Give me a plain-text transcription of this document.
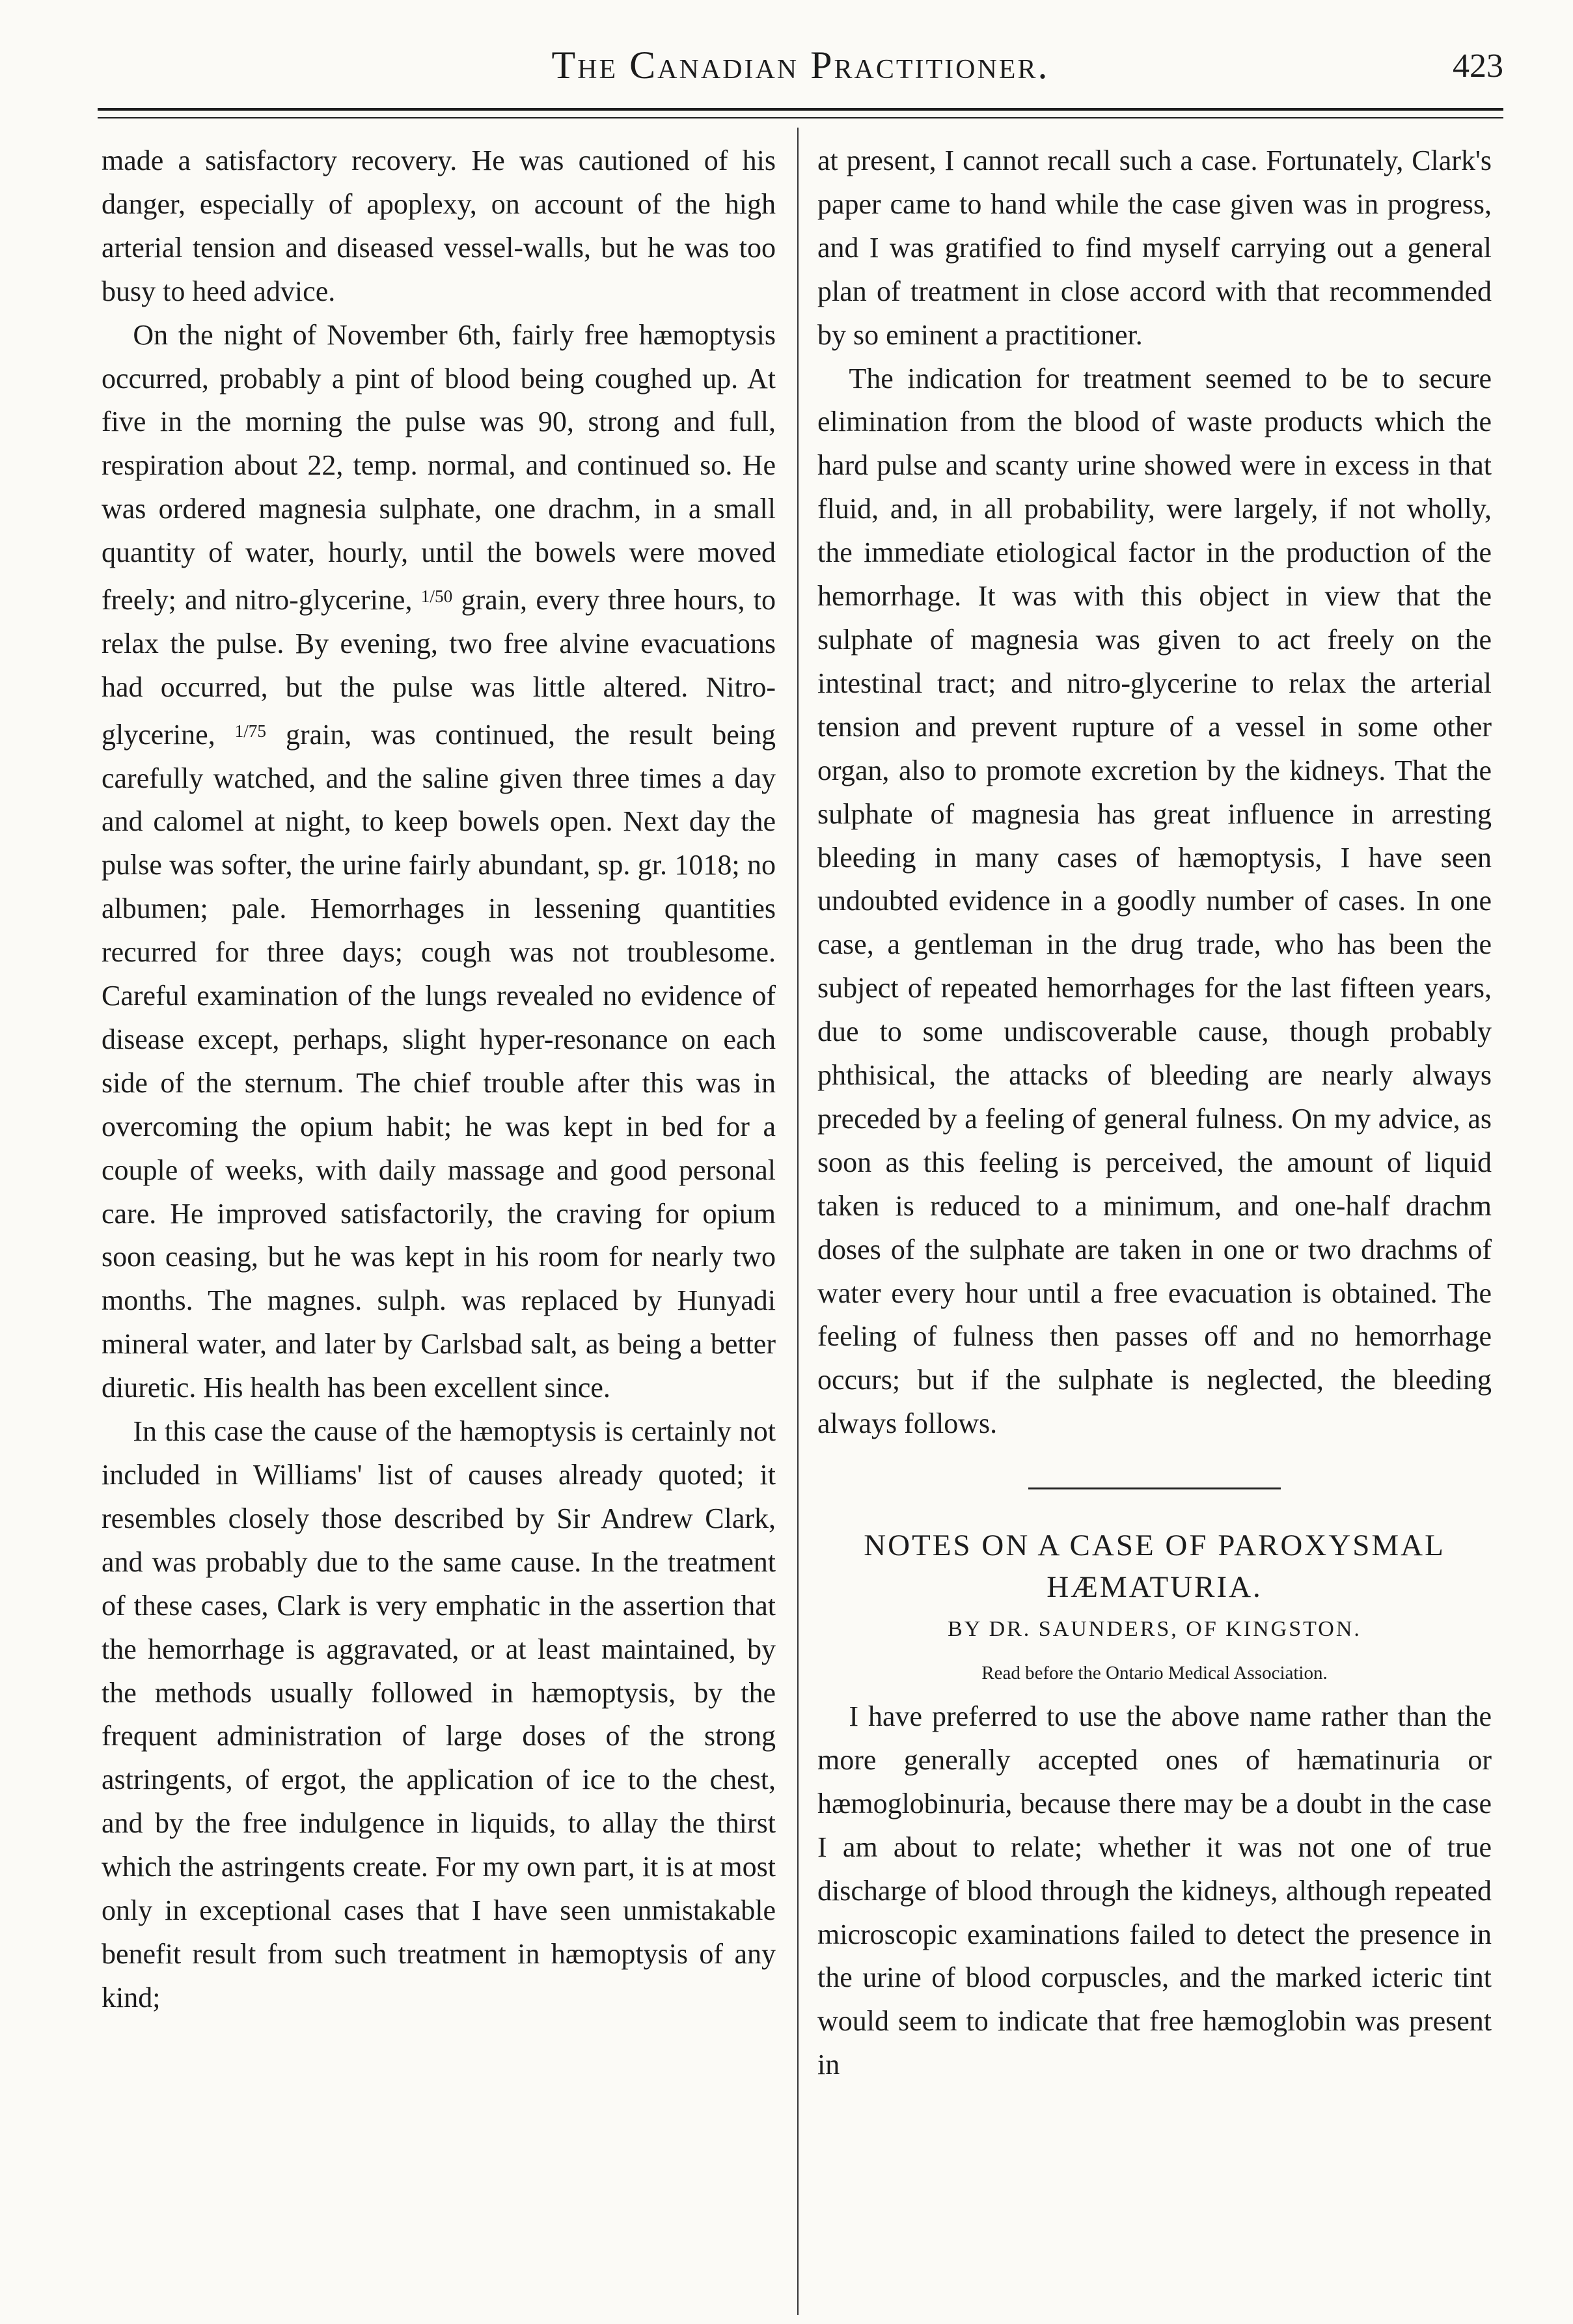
The Canadian Practitioner.	423

made a satisfactory recovery. He was cautioned of his danger, especially of apoplexy, on account of the high arterial tension and diseased vessel-walls, but he was too busy to heed advice.

On the night of November 6th, fairly free hæmoptysis occurred, probably a pint of blood being coughed up. At five in the morning the pulse was 90, strong and full, respiration about 22, temp. normal, and continued so. He was ordered magnesia sulphate, one drachm, in a small quantity of water, hourly, until the bowels were moved freely; and nitro-glycerine, $^{1/50}$ grain, every three hours, to relax the pulse. By evening, two free alvine evacuations had occurred, but the pulse was little altered. Nitro-glycerine, $^{1/75}$ grain, was continued, the result being carefully watched, and the saline given three times a day and calomel at night, to keep bowels open. Next day the pulse was softer, the urine fairly abundant, sp. gr. 1018; no albumen; pale. Hemorrhages in lessening quantities recurred for three days; cough was not troublesome. Careful examination of the lungs revealed no evidence of disease except, perhaps, slight hyper-resonance on each side of the sternum. The chief trouble after this was in overcoming the opium habit; he was kept in bed for a couple of weeks, with daily massage and good personal care. He improved satisfactorily, the craving for opium soon ceasing, but he was kept in his room for nearly two months. The magnes. sulph. was replaced by Hunyadi mineral water, and later by Carlsbad salt, as being a better diuretic. His health has been excellent since.

In this case the cause of the hæmoptysis is certainly not included in Williams' list of causes already quoted; it resembles closely those described by Sir Andrew Clark, and was probably due to the same cause. In the treatment of these cases, Clark is very emphatic in the assertion that the hemorrhage is aggravated, or at least maintained, by the methods usually followed in hæmoptysis, by the frequent administration of large doses of the strong astringents, of ergot, the application of ice to the chest, and by the free indulgence in liquids, to allay the thirst which the astringents create. For my own part, it is at most only in exceptional cases that I have seen unmistakable benefit result from such treatment in hæmoptysis of any kind;

at present, I cannot recall such a case. Fortunately, Clark's paper came to hand while the case given was in progress, and I was gratified to find myself carrying out a general plan of treatment in close accord with that recommended by so eminent a practitioner.

The indication for treatment seemed to be to secure elimination from the blood of waste products which the hard pulse and scanty urine showed were in excess in that fluid, and, in all probability, were largely, if not wholly, the immediate etiological factor in the production of the hemorrhage. It was with this object in view that the sulphate of magnesia was given to act freely on the intestinal tract; and nitro-glycerine to relax the arterial tension and prevent rupture of a vessel in some other organ, also to promote excretion by the kidneys. That the sulphate of magnesia has great influence in arresting bleeding in many cases of hæmoptysis, I have seen undoubted evidence in a goodly number of cases. In one case, a gentleman in the drug trade, who has been the subject of repeated hemorrhages for the last fifteen years, due to some undiscoverable cause, though probably phthisical, the attacks of bleeding are nearly always preceded by a feeling of general fulness. On my advice, as soon as this feeling is perceived, the amount of liquid taken is reduced to a minimum, and one-half drachm doses of the sulphate are taken in one or two drachms of water every hour until a free evacuation is obtained. The feeling of fulness then passes off and no hemorrhage occurs; but if the sulphate is neglected, the bleeding always follows.

NOTES ON A CASE OF PAROXYSMAL
HÆMATURIA.

BY DR. SAUNDERS, OF KINGSTON.

Read before the Ontario Medical Association.

I have preferred to use the above name rather than the more generally accepted ones of hæmatinuria or hæmoglobinuria, because there may be a doubt in the case I am about to relate; whether it was not one of true discharge of blood through the kidneys, although repeated microscopic examinations failed to detect the presence in the urine of blood corpuscles, and the marked icteric tint would seem to indicate that free hæmoglobin was present in
